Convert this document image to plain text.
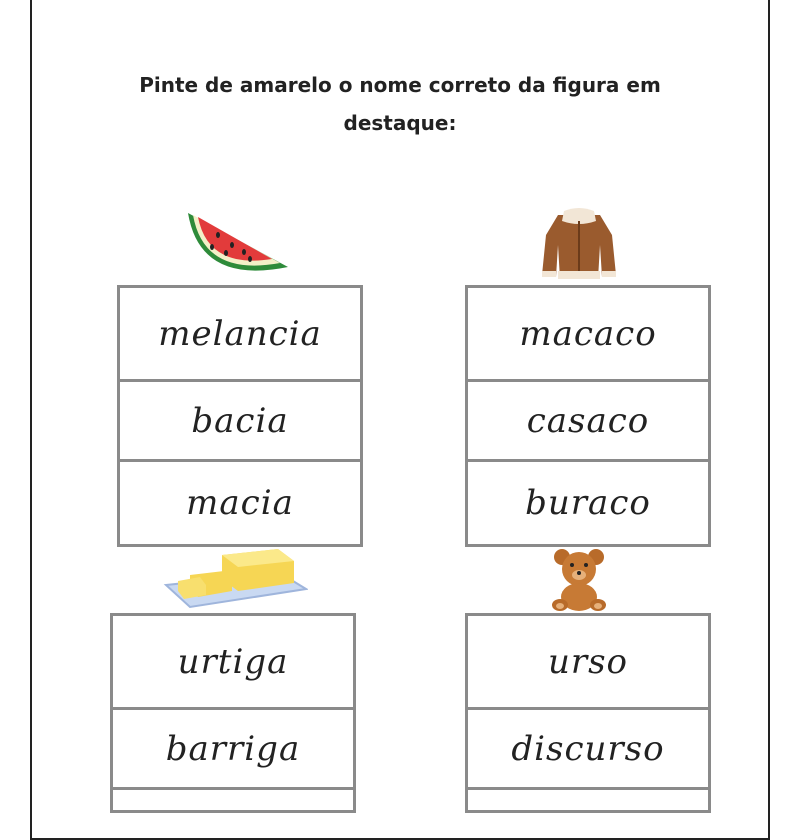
Pinte de amarelo o nome correto da figura em
destaque:
melancia
bacia
macia
macaco
casaco
buraco
urtiga
barriga
urso
discurso
